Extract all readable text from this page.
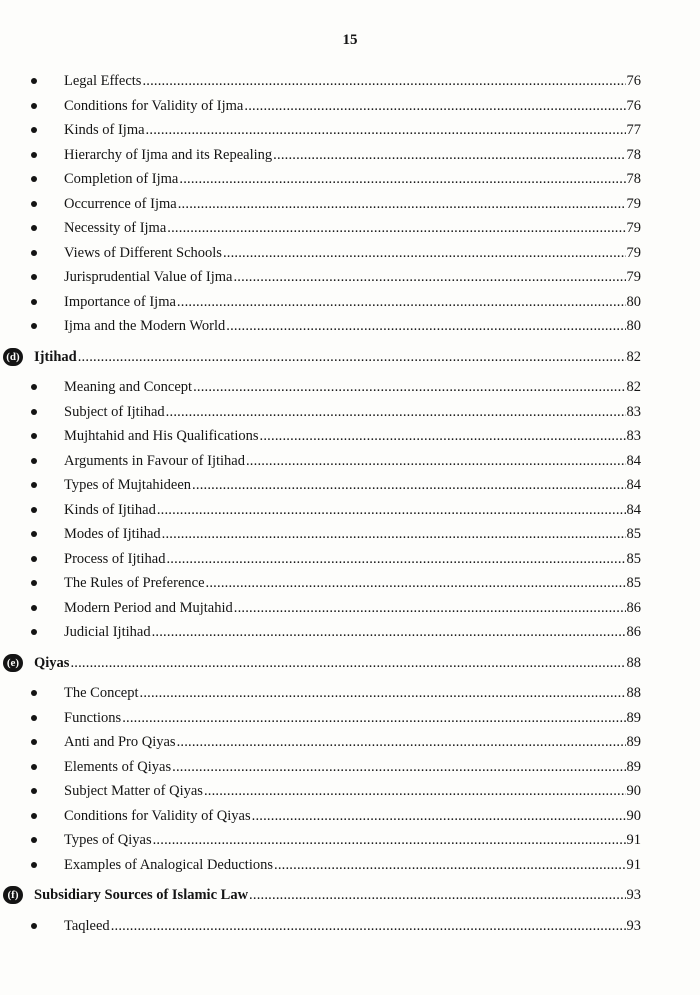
15
Legal Effects .....	76
Conditions for Validity of Ijma .....	76
Kinds of Ijma .....	77
Hierarchy of Ijma and its Repealing .....	78
Completion of Ijma .....	78
Occurrence of Ijma .....	79
Necessity of Ijma .....	79
Views of Different Schools .....	79
Jurisprudential Value of Ijma .....	79
Importance of Ijma .....	80
Ijma and the Modern World .....	80
(d) Ijtihad .....	82
Meaning and Concept .....	82
Subject of Ijtihad .....	83
Mujhtahid and His Qualifications .....	83
Arguments in Favour of Ijtihad .....	84
Types of Mujtahideen .....	84
Kinds of Ijtihad .....	84
Modes of Ijtihad .....	85
Process of Ijtihad .....	85
The Rules of Preference .....	85
Modern Period and Mujtahid .....	86
Judicial Ijtihad .....	86
(e) Qiyas .....	88
The Concept .....	88
Functions .....	89
Anti and Pro Qiyas .....	89
Elements of Qiyas .....	89
Subject Matter of Qiyas .....	90
Conditions for Validity of Qiyas .....	90
Types of Qiyas .....	91
Examples of Analogical Deductions .....	91
(f)	Subsidiary Sources of Islamic Law .....	93
Taqleed .....	93
